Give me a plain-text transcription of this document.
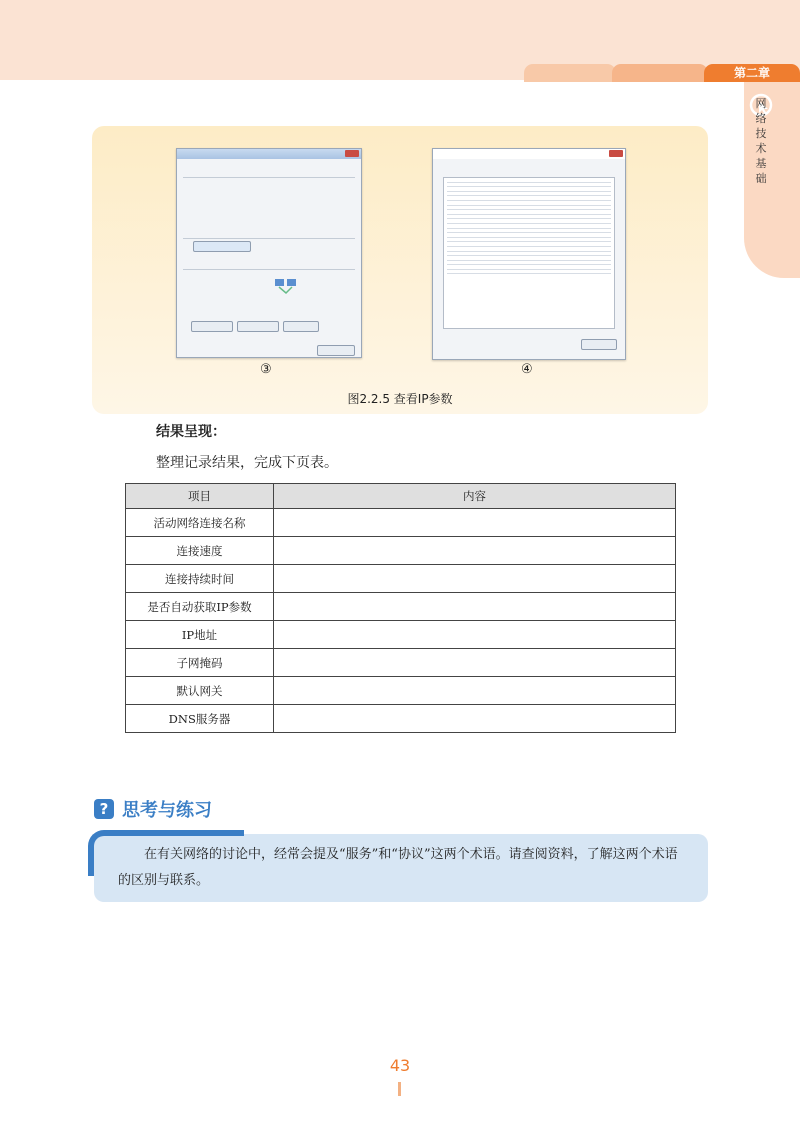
第二章
网络技术基础
③	④
图2.2.5 查看IP参数
结果呈现：
整理记录结果，完成下页表。
项目	内容
活动网络连接名称	
连接速度	
连接持续时间	
是否自动获取IP参数	
IP地址	
子网掩码	
默认网关	
DNS服务器	
? 思考与练习
在有关网络的讨论中，经常会提及“服务”和“协议”这两个术语。请查阅资料，了解这两个术语的区别与联系。
43
